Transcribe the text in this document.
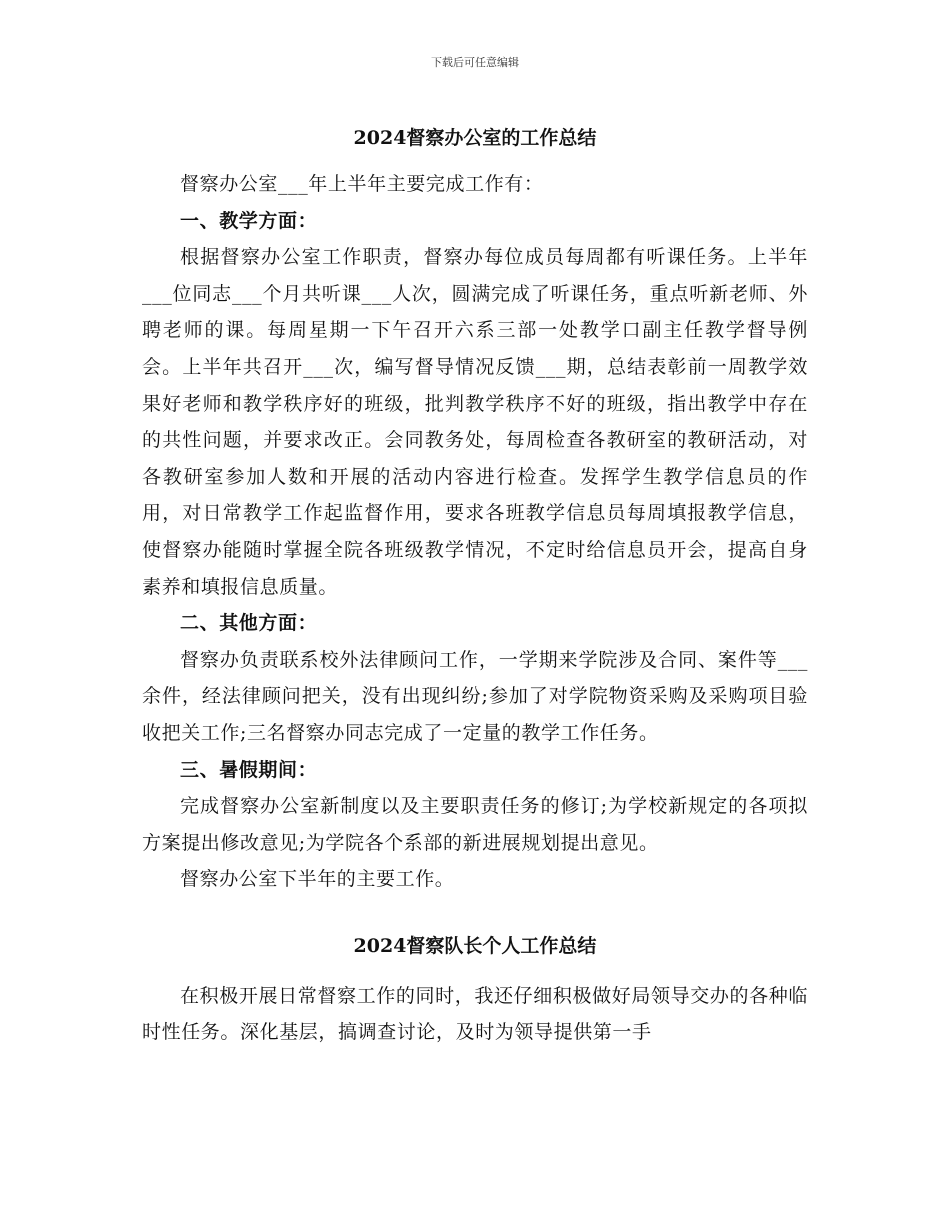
下载后可任意编辑
2024督察办公室的工作总结

督察办公室___年上半年主要完成工作有：

一、教学方面：

根据督察办公室工作职责，督察办每位成员每周都有听课任务。上半年___位同志___个月共听课___人次，圆满完成了听课任务，重点听新老师、外聘老师的课。每周星期一下午召开六系三部一处教学口副主任教学督导例会。上半年共召开___次，编写督导情况反馈___期，总结表彰前一周教学效果好老师和教学秩序好的班级，批判教学秩序不好的班级，指出教学中存在的共性问题，并要求改正。会同教务处，每周检查各教研室的教研活动，对各教研室参加人数和开展的活动内容进行检查。发挥学生教学信息员的作用，对日常教学工作起监督作用，要求各班教学信息员每周填报教学信息，使督察办能随时掌握全院各班级教学情况，不定时给信息员开会，提高自身素养和填报信息质量。

二、其他方面：

督察办负责联系校外法律顾问工作，一学期来学院涉及合同、案件等___余件，经法律顾问把关，没有出现纠纷;参加了对学院物资采购及采购项目验收把关工作;三名督察办同志完成了一定量的教学工作任务。

三、暑假期间：

完成督察办公室新制度以及主要职责任务的修订;为学校新规定的各项拟方案提出修改意见;为学院各个系部的新进展规划提出意见。

督察办公室下半年的主要工作。

2024督察队长个人工作总结

在积极开展日常督察工作的同时，我还仔细积极做好局领导交办的各种临时性任务。深化基层，搞调查讨论，及时为领导提供第一手
